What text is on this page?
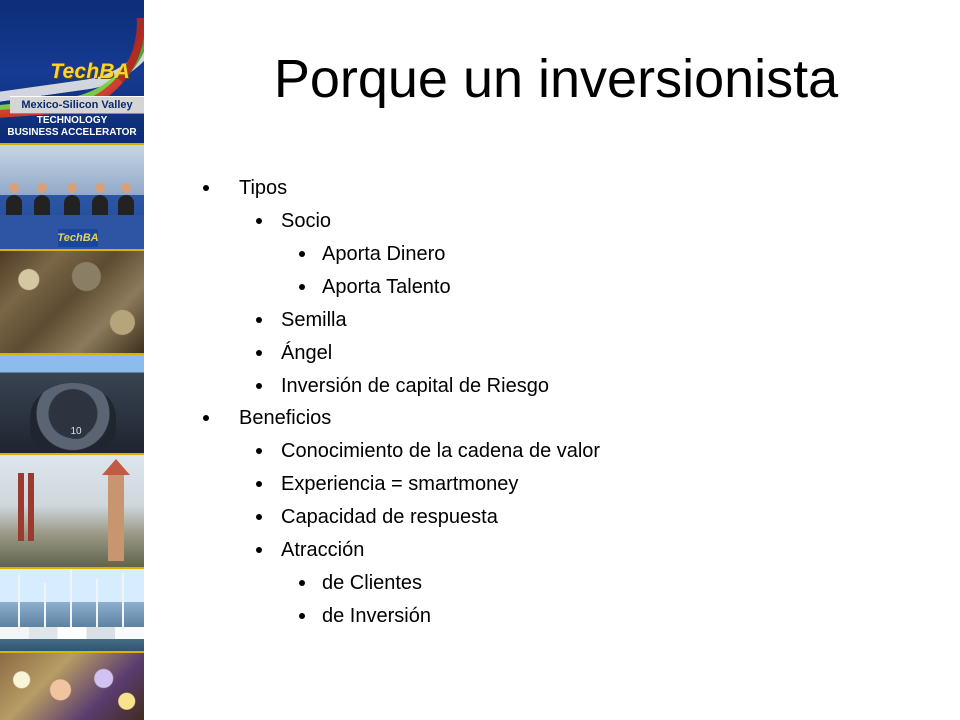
TechBA
Mexico-Silicon Valley
TECHNOLOGY
BUSINESS ACCELERATOR
TechBA
10
Porque un inversionista
Tipos
Socio
Aporta Dinero
Aporta Talento
Semilla
Ángel
Inversión de capital de Riesgo
Beneficios
Conocimiento de la cadena de valor
Experiencia = smartmoney
Capacidad de respuesta
Atracción
de Clientes
de Inversión
